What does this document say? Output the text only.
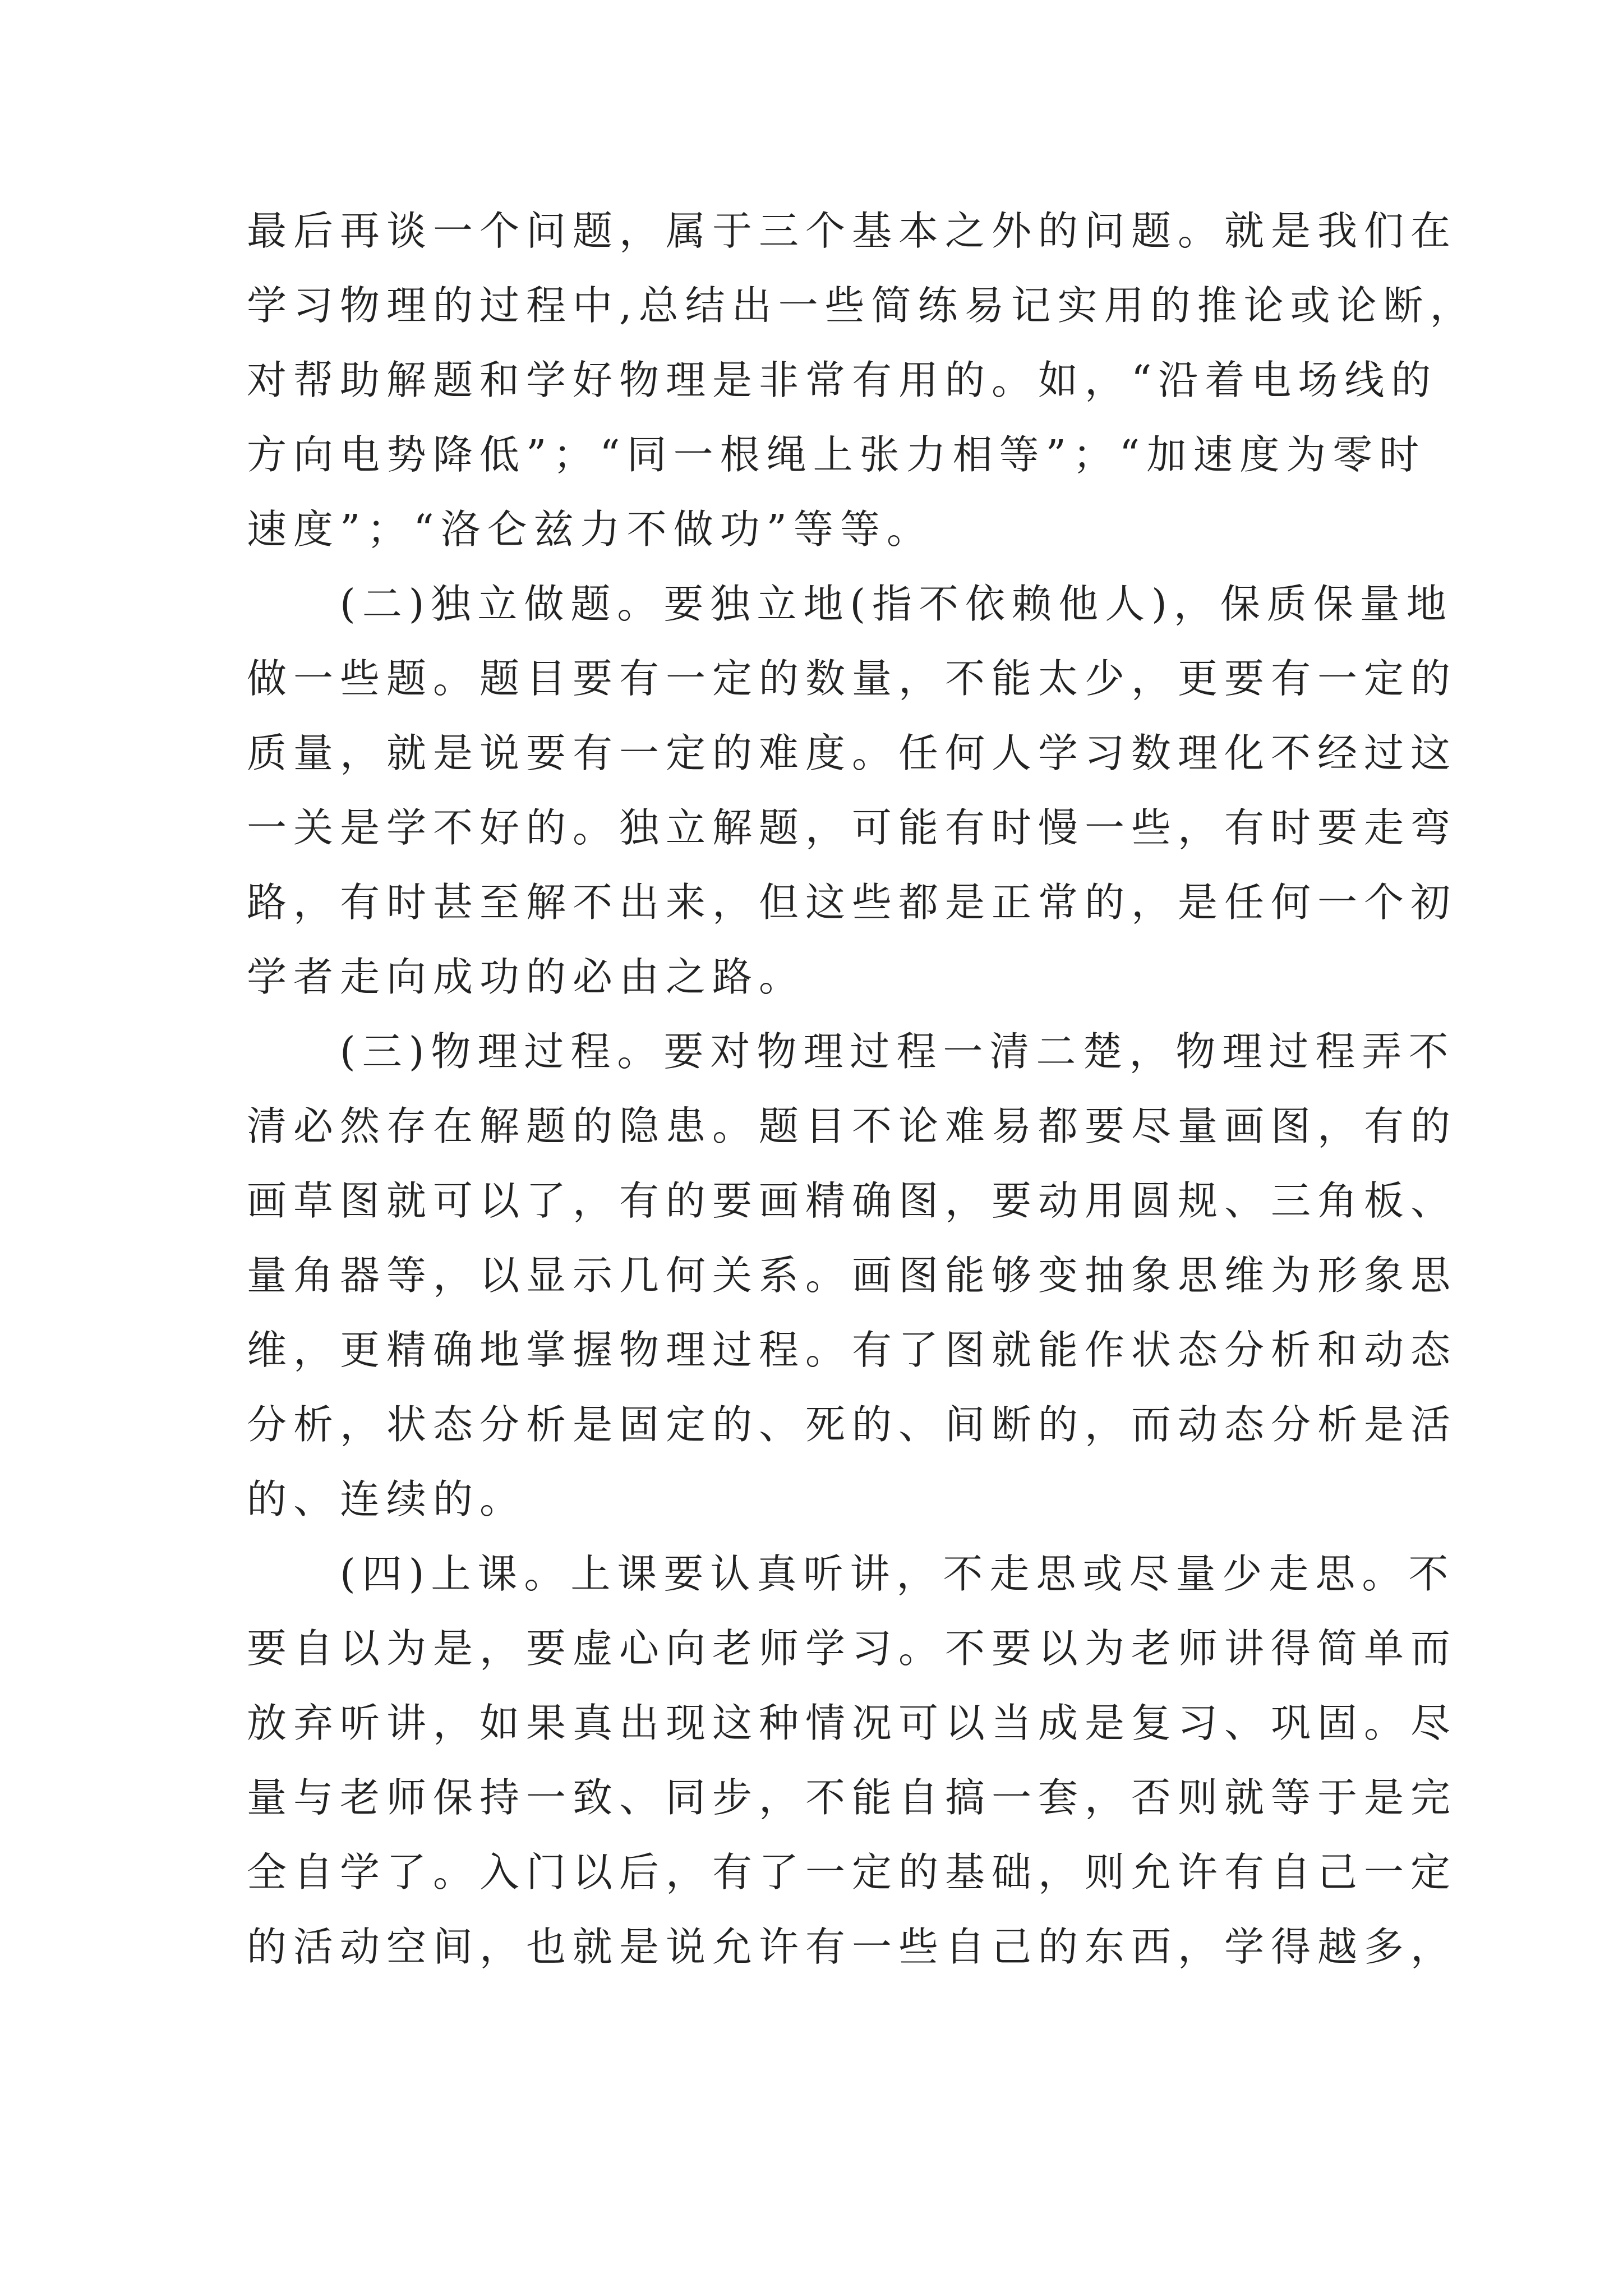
最后再谈一个问题，属于三个基本之外的问题。就是我们在
学习物理的过程中,总结出一些简练易记实用的推论或论断，
对帮助解题和学好物理是非常有用的。如，“沿着电场线的
方向电势降低”；“同一根绳上张力相等”；“加速度为零时
速度”；“洛仑兹力不做功”等等。
　　(二)独立做题。要独立地(指不依赖他人)，保质保量地
做一些题。题目要有一定的数量，不能太少，更要有一定的
质量，就是说要有一定的难度。任何人学习数理化不经过这
一关是学不好的。独立解题，可能有时慢一些，有时要走弯
路，有时甚至解不出来，但这些都是正常的，是任何一个初
学者走向成功的必由之路。
　　(三)物理过程。要对物理过程一清二楚，物理过程弄不
清必然存在解题的隐患。题目不论难易都要尽量画图，有的
画草图就可以了，有的要画精确图，要动用圆规、三角板、
量角器等，以显示几何关系。画图能够变抽象思维为形象思
维，更精确地掌握物理过程。有了图就能作状态分析和动态
分析，状态分析是固定的、死的、间断的，而动态分析是活
的、连续的。
　　(四)上课。上课要认真听讲，不走思或尽量少走思。不
要自以为是，要虚心向老师学习。不要以为老师讲得简单而
放弃听讲，如果真出现这种情况可以当成是复习、巩固。尽
量与老师保持一致、同步，不能自搞一套，否则就等于是完
全自学了。入门以后，有了一定的基础，则允许有自己一定
的活动空间，也就是说允许有一些自己的东西，学得越多，
